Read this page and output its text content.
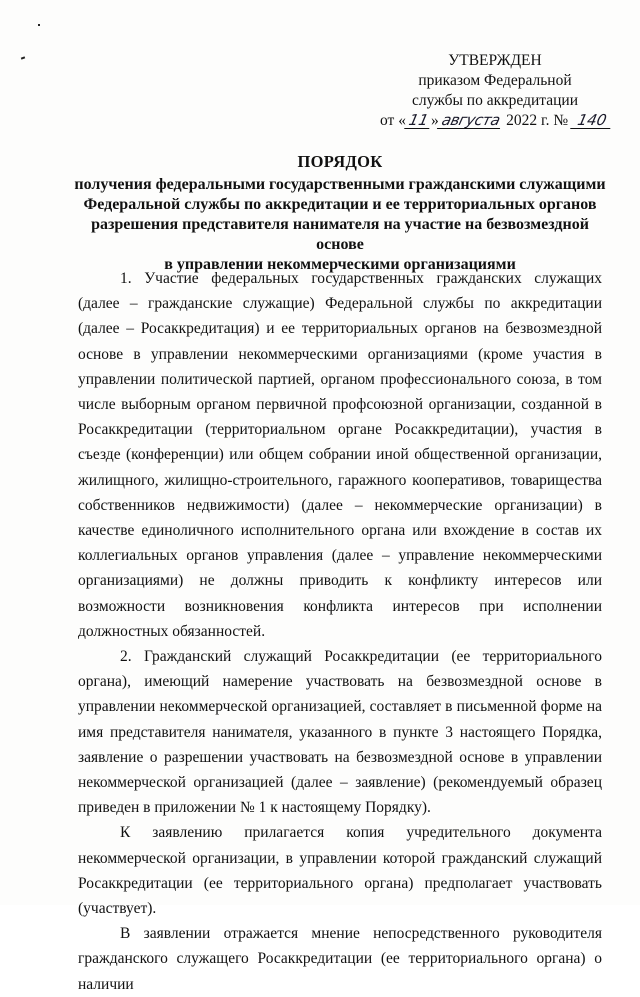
УТВЕРЖДЕН
приказом Федеральной
службы по аккредитации
от «11»августа 2022 г. № 140
ПОРЯДОК
получения федеральными государственными гражданскими служащими
Федеральной службы по аккредитации и ее территориальных органов
разрешения представителя нанимателя на участие на безвозмездной основе
в управлении некоммерческими организациями

1. Участие федеральных государственных гражданских служащих (далее – гражданские служащие) Федеральной службы по аккредитации (далее – Росаккредитация) и ее территориальных органов на безвозмездной основе в управлении некоммерческими организациями (кроме участия в управлении политической партией, органом профессионального союза, в том числе выборным органом первичной профсоюзной организации, созданной в Росаккредитации (территориальном органе Росаккредитации), участия в съезде (конференции) или общем собрании иной общественной организации, жилищного, жилищно-строительного, гаражного кооперативов, товарищества собственников недвижимости) (далее – некоммерческие организации) в качестве единоличного исполнительного органа или вхождение в состав их коллегиальных органов управления (далее – управление некоммерческими организациями) не должны приводить к конфликту интересов или возможности возникновения конфликта интересов при исполнении должностных обязанностей.

2. Гражданский служащий Росаккредитации (ее территориального органа), имеющий намерение участвовать на безвозмездной основе в управлении некоммерческой организацией, составляет в письменной форме на имя представителя нанимателя, указанного в пункте 3 настоящего Порядка, заявление о разрешении участвовать на безвозмездной основе в управлении некоммерческой организацией (далее – заявление) (рекомендуемый образец приведен в приложении № 1 к настоящему Порядку).

К заявлению прилагается копия учредительного документа некоммерческой организации, в управлении которой гражданский служащий Росаккредитации (ее территориального органа) предполагает участвовать (участвует).

В заявлении отражается мнение непосредственного руководителя гражданского служащего Росаккредитации (ее территориального органа) о наличии
